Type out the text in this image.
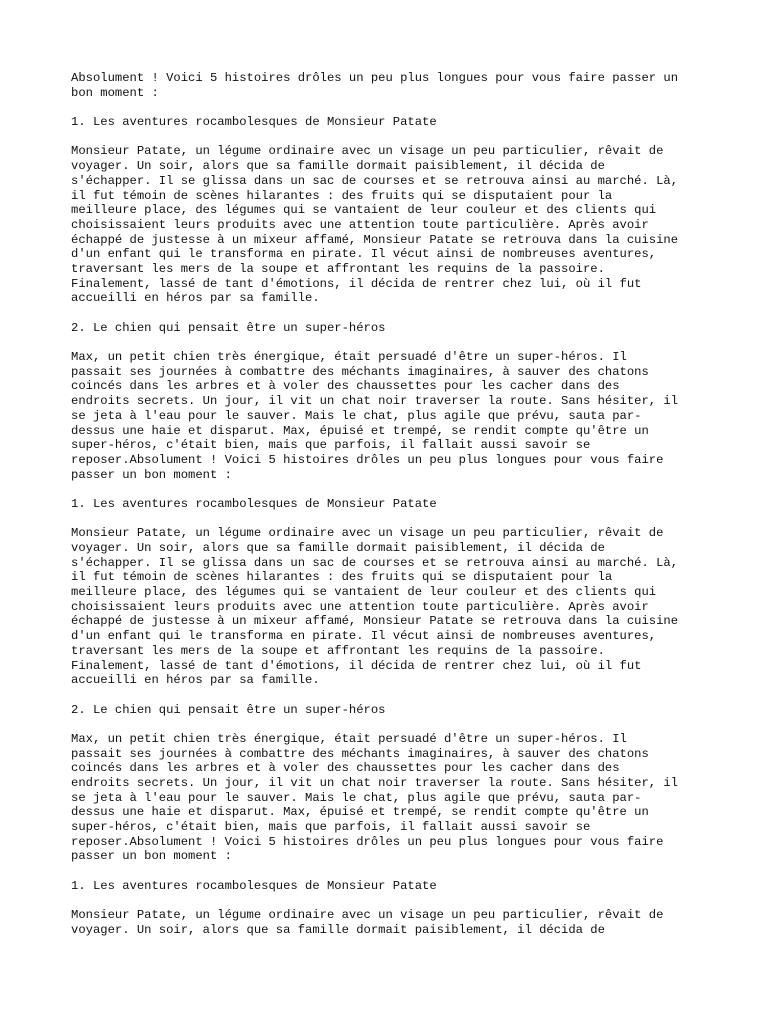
Absolument ! Voici 5 histoires drôles un peu plus longues pour vous faire passer un
bon moment :
1. Les aventures rocambolesques de Monsieur Patate
Monsieur Patate, un légume ordinaire avec un visage un peu particulier, rêvait de
voyager. Un soir, alors que sa famille dormait paisiblement, il décida de
s'échapper. Il se glissa dans un sac de courses et se retrouva ainsi au marché. Là,
il fut témoin de scènes hilarantes : des fruits qui se disputaient pour la
meilleure place, des légumes qui se vantaient de leur couleur et des clients qui
choisissaient leurs produits avec une attention toute particulière. Après avoir
échappé de justesse à un mixeur affamé, Monsieur Patate se retrouva dans la cuisine
d'un enfant qui le transforma en pirate. Il vécut ainsi de nombreuses aventures,
traversant les mers de la soupe et affrontant les requins de la passoire.
Finalement, lassé de tant d'émotions, il décida de rentrer chez lui, où il fut
accueilli en héros par sa famille.
2. Le chien qui pensait être un super-héros
Max, un petit chien très énergique, était persuadé d'être un super-héros. Il
passait ses journées à combattre des méchants imaginaires, à sauver des chatons
coincés dans les arbres et à voler des chaussettes pour les cacher dans des
endroits secrets. Un jour, il vit un chat noir traverser la route. Sans hésiter, il
se jeta à l'eau pour le sauver. Mais le chat, plus agile que prévu, sauta par-
dessus une haie et disparut. Max, épuisé et trempé, se rendit compte qu'être un
super-héros, c'était bien, mais que parfois, il fallait aussi savoir se
reposer.Absolument ! Voici 5 histoires drôles un peu plus longues pour vous faire
passer un bon moment :
1. Les aventures rocambolesques de Monsieur Patate
Monsieur Patate, un légume ordinaire avec un visage un peu particulier, rêvait de
voyager. Un soir, alors que sa famille dormait paisiblement, il décida de
s'échapper. Il se glissa dans un sac de courses et se retrouva ainsi au marché. Là,
il fut témoin de scènes hilarantes : des fruits qui se disputaient pour la
meilleure place, des légumes qui se vantaient de leur couleur et des clients qui
choisissaient leurs produits avec une attention toute particulière. Après avoir
échappé de justesse à un mixeur affamé, Monsieur Patate se retrouva dans la cuisine
d'un enfant qui le transforma en pirate. Il vécut ainsi de nombreuses aventures,
traversant les mers de la soupe et affrontant les requins de la passoire.
Finalement, lassé de tant d'émotions, il décida de rentrer chez lui, où il fut
accueilli en héros par sa famille.
2. Le chien qui pensait être un super-héros
Max, un petit chien très énergique, était persuadé d'être un super-héros. Il
passait ses journées à combattre des méchants imaginaires, à sauver des chatons
coincés dans les arbres et à voler des chaussettes pour les cacher dans des
endroits secrets. Un jour, il vit un chat noir traverser la route. Sans hésiter, il
se jeta à l'eau pour le sauver. Mais le chat, plus agile que prévu, sauta par-
dessus une haie et disparut. Max, épuisé et trempé, se rendit compte qu'être un
super-héros, c'était bien, mais que parfois, il fallait aussi savoir se
reposer.Absolument ! Voici 5 histoires drôles un peu plus longues pour vous faire
passer un bon moment :
1. Les aventures rocambolesques de Monsieur Patate
Monsieur Patate, un légume ordinaire avec un visage un peu particulier, rêvait de
voyager. Un soir, alors que sa famille dormait paisiblement, il décida de
